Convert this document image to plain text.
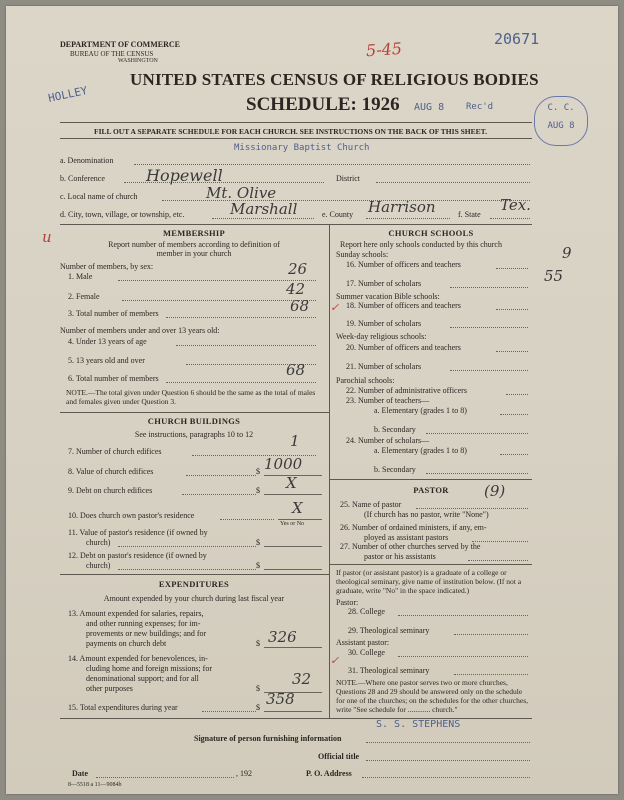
DEPARTMENT OF COMMERCE
BUREAU OF THE CENSUS
WASHINGTON
20671
5-45
HOLLEY
UNITED STATES CENSUS OF RELIGIOUS BODIES
SCHEDULE: 1926 AUG 8 Rec'd	C. C.
AUG 8
FILL OUT A SEPARATE SCHEDULE FOR EACH CHURCH. SEE INSTRUCTIONS ON THE BACK OF THIS SHEET.
Missionary Baptist Church
a. Denomination
b. Conference	Hopewell	District
c. Local name of church	Mt. Olive
d. City, town, village, or township, etc.	Marshall	e. County Harrison	f. State
Tex.
u	MEMBERSHIP
Report number of members according to definition of
member in your church
Number of members, by sex:
1. Male	26
2. Female	42
3. Total number of members	68
Number of members under and over 13 years old:
4. Under 13 years of age
5. 13 years old and over
6. Total number of members	68
NOTE.—The total given under Question 6 should be the same as the total of males and females given under Question 3.
CHURCH BUILDINGS
See instructions, paragraphs 10 to 12
7. Number of church edifices
1
8. Value of church edifices	$ 1000
9. Debt on church edifices	$ X
10. Does church own pastor's residence	X
Yes or No
11. Value of pastor's residence (if owned by
church)	$
12. Debt on pastor's residence (if owned by
church)	$
EXPENDITURES
Amount expended by your church during last fiscal year
13. Amount expended for salaries, repairs,
and other running expenses; for im-
provements or new buildings; and for
payments on church debt	$ 326
14. Amount expended for benevolences, in-
cluding home and foreign missions; for
denominational support; and for all
other purposes	$
32
15. Total expenditures during year	$ 358
CHURCH SCHOOLS
Report here only schools conducted by this church
Sunday schools:
16. Number of officers and teachers
9
17. Number of scholars	55
Summer vacation Bible schools:
18. Number of officers and teachers
✓
19. Number of scholars
Week-day religious schools:
20. Number of officers and teachers
21. Number of scholars
Parochial schools:
22. Number of administrative officers
23. Number of teachers—
a. Elementary (grades 1 to 8)
b. Secondary
24. Number of scholars—
a. Elementary (grades 1 to 8)
b. Secondary
PASTOR	(9)
25. Name of pastor
(If church has no pastor, write "None")
26. Number of ordained ministers, if any, em-
ployed as assistant pastors
27. Number of other churches served by the
pastor or his assistants
If pastor (or assistant pastor) is a graduate of a college or theological seminary, give name of institution below. (If not a graduate, write "No" in the space indicated.)
Pastor:
28. College
29. Theological seminary
Assistant pastor:
30. College
✓
31. Theological seminary
NOTE.—Where one pastor serves two or more churches, Questions 28 and 29 should be answered only on the schedule for one of the churches; on the schedules for the other churches, write "See schedule for ............ church."
S. S. STEPHENS
Signature of person furnishing information
Official title
Date	, 192	P. O. Address
8—5518 a 11—9084b
